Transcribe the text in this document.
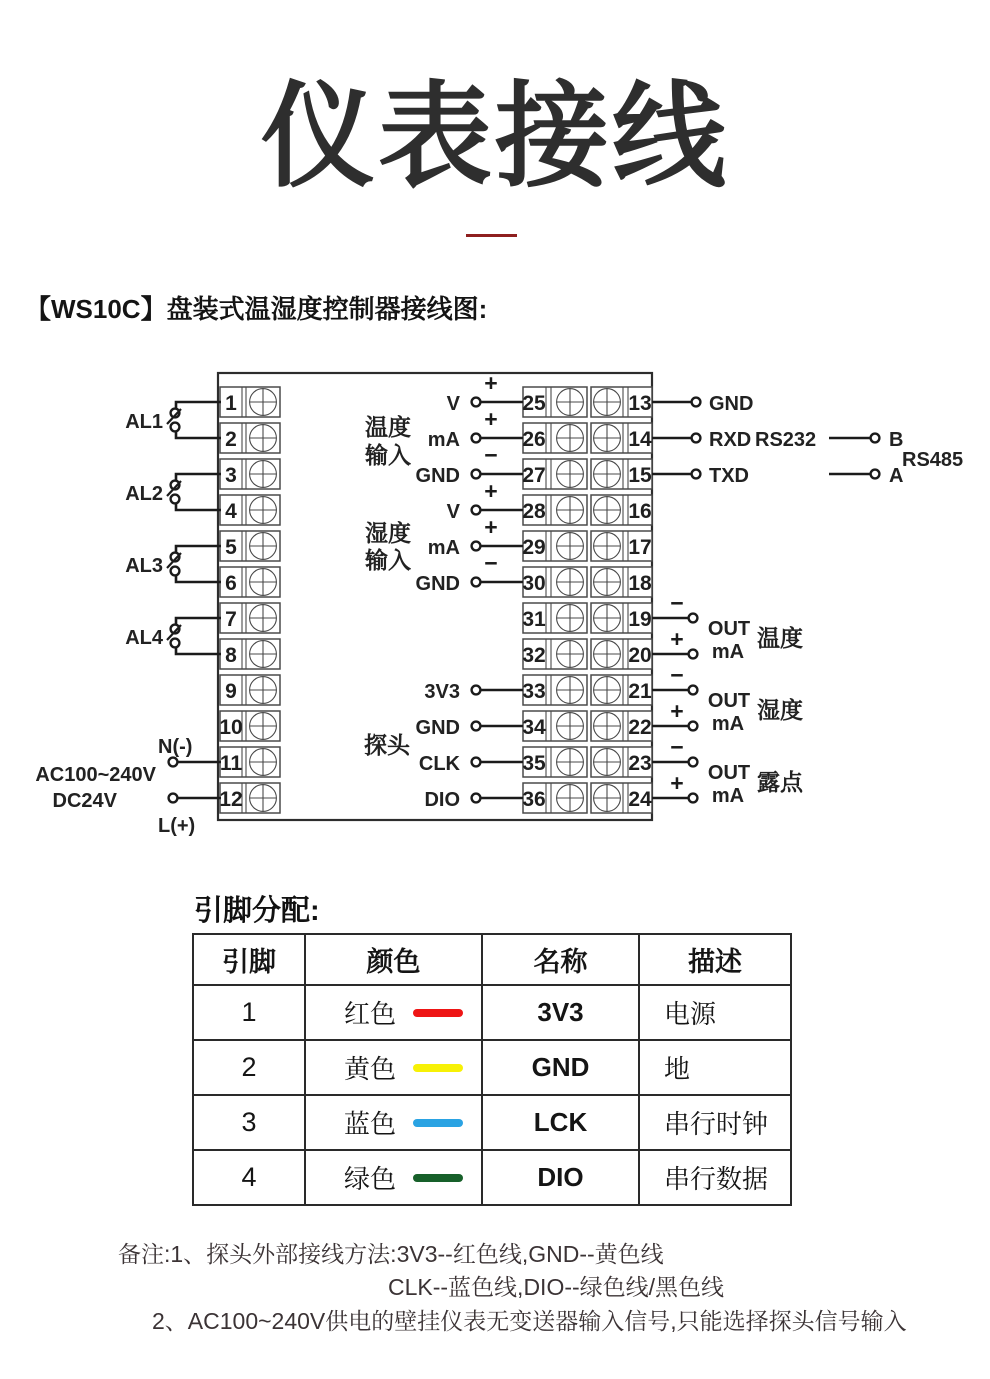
仪表接线
【WS10C】盘装式温湿度控制器接线图:
1	25	13
2	26	14
3	27	15
4	28	16
5	29	17
6	30	18
7	31	19
8	32	20
9	33	21
10	34	22
11	35	23
12	36	24
AL1
AL2
AL3
AL4
温度
输入
V
+
mA
+
GND
−
湿度
输入
V
+
mA
+
GND
−
探头
3V3
GND
CLK
DIO
GND
RXD
TXD
RS232	B
A
RS485
−
+ OUT
mA
温度
−
+ OUT
mA
湿度
−
+ OUT
mA
露点
N(-)
L(+)
AC100~240V
DC24V
引脚分配:
引脚	颜色	名称	描述
1	红色	3V3	电源
2	黄色	GND	地
3	蓝色	LCK	串行时钟
4	绿色	DIO	串行数据
备注:1、探头外部接线方法:3V3--红色线,GND--黄色线
CLK--蓝色线,DIO--绿色线/黑色线
2、AC100~240V供电的壁挂仪表无变送器输入信号,只能选择探头信号输入
